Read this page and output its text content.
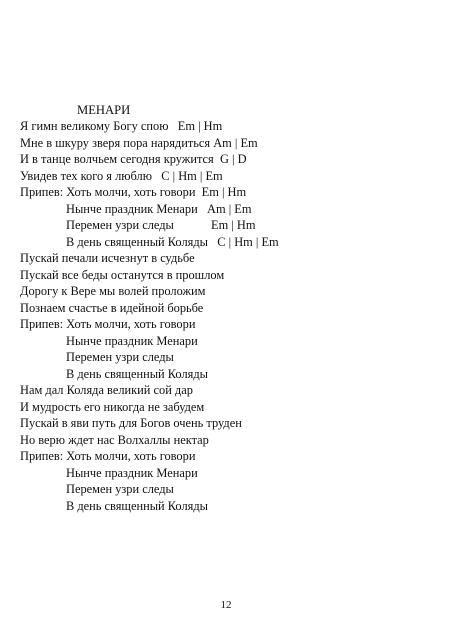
МЕНАРИ
Я гимн великому Богу спою   Em | Hm
Мне в шкуру зверя пора нарядиться Am | Em
И в танце волчьем сегодня кружится  G | D
Увидев тех кого я люблю   C | Hm | Em
Припев: Хоть молчи, хоть говори  Em | Hm
Нынче праздник Менари   Am | Em
Перемен узри следы            Em | Hm
В день священный Коляды   C | Hm | Em
Пускай печали исчезнут в судьбе
Пускай все беды останутся в прошлом
Дорогу к Вере мы волей проложим
Познаем счастье в идейной борьбе
Припев: Хоть молчи, хоть говори
Нынче праздник Менари
Перемен узри следы
В день священный Коляды
Нам дал Коляда великий сой дар
И мудрость его никогда не забудем
Пускай в яви путь для Богов очень труден
Но верю ждет нас Волхаллы нектар
Припев: Хоть молчи, хоть говори
Нынче праздник Менари
Перемен узри следы
В день священный Коляды
12
